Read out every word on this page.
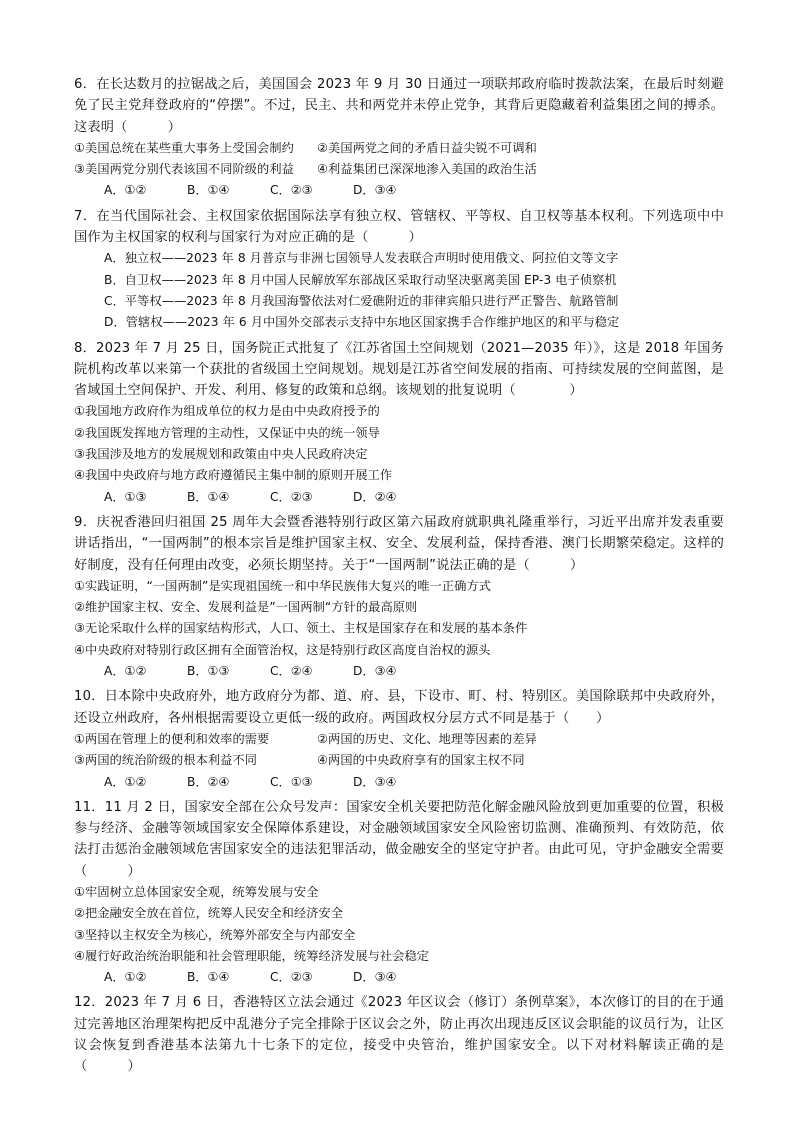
6．在长达数月的拉锯战之后，美国国会 2023 年 9 月 30 日通过一项联邦政府临时拨款法案，在最后时刻避免了民主党拜登政府的“停摆”。不过，民主、共和两党并未停止党争，其背后更隐藏着利益集团之间的搏杀。这表明（　　　）
①美国总统在某些重大事务上受国会制约	②美国两党之间的矛盾日益尖锐不可调和
③美国两党分别代表该国不同阶级的利益	④利益集团已深深地渗入美国的政治生活
A．①②	B．①④	C．②③	D．③④
7．在当代国际社会、主权国家依据国际法享有独立权、管辖权、平等权、自卫权等基本权利。下列选项中中国作为主权国家的权利与国家行为对应正确的是（　　　）
A．独立权——2023 年 8 月普京与非洲七国领导人发表联合声明时使用俄文、阿拉伯文等文字
B．自卫权——2023 年 8 月中国人民解放军东部战区采取行动坚决驱离美国 EP-3 电子侦察机
C．平等权——2023 年 8 月我国海警依法对仁爱礁附近的菲律宾船只进行严正警告、航路管制
D．管辖权——2023 年 6 月中国外交部表示支持中东地区国家携手合作维护地区的和平与稳定
8．2023 年 7 月 25 日，国务院正式批复了《江苏省国土空间规划（2021—2035 年）》，这是 2018 年国务院机构改革以来第一个获批的省级国土空间规划。规划是江苏省空间发展的指南、可持续发展的空间蓝图，是省域国土空间保护、开发、利用、修复的政策和总纲。该规划的批复说明（　　　　）
①我国地方政府作为组成单位的权力是由中央政府授予的
②我国既发挥地方管理的主动性，又保证中央的统一领导
③我国涉及地方的发展规划和政策由中央人民政府决定
④我国中央政府与地方政府遵循民主集中制的原则开展工作
A．①③	B．①④	C．②③	D．②④
9．庆祝香港回归祖国 25 周年大会暨香港特别行政区第六届政府就职典礼隆重举行，习近平出席并发表重要讲话指出，“一国两制”的根本宗旨是维护国家主权、安全、发展利益，保持香港、澳门长期繁荣稳定。这样的好制度，没有任何理由改变，必须长期坚持。关于“一国两制”说法正确的是（　　　）
①实践证明，“一国两制”是实现祖国统一和中华民族伟大复兴的唯一正确方式
②维护国家主权、安全、发展利益是”一国两制“方针的最高原则
③无论采取什么样的国家结构形式，人口、领土、主权是国家存在和发展的基本条件
④中央政府对特别行政区拥有全面管治权，这是特别行政区高度自治权的源头
A．①②	B．①③	C．②④	D．③④
10．日本除中央政府外，地方政府分为都、道、府、县，下设市、町、村、特别区。美国除联邦中央政府外，还设立州政府，各州根据需要设立更低一级的政府。两国政权分层方式不同是基于（　　）
①两国在管理上的便利和效率的需要	②两国的历史、文化、地理等因素的差异
③两国的统治阶级的根本利益不同	④两国的中央政府享有的国家主权不同
A．①②	B．②④	C．①③	D．③④
11．11 月 2 日，国家安全部在公众号发声：国家安全机关要把防范化解金融风险放到更加重要的位置，积极参与经济、金融等领域国家安全保障体系建设，对金融领域国家安全风险密切监测、准确预判、有效防范，依法打击惩治金融领域危害国家安全的违法犯罪活动，做金融安全的坚定守护者。由此可见，守护金融安全需要（　　　）
①牢固树立总体国家安全观，统筹发展与安全
②把金融安全放在首位，统筹人民安全和经济安全
③坚持以主权安全为核心，统筹外部安全与内部安全
④履行好政治统治职能和社会管理职能，统筹经济发展与社会稳定
A．①②	B．①④	C．②③	D．③④
12．2023 年 7 月 6 日，香港特区立法会通过《2023 年区议会（修订）条例草案》，本次修订的目的在于通过完善地区治理架构把反中乱港分子完全排除于区议会之外，防止再次出现违反区议会职能的议员行为，让区议会恢复到香港基本法第九十七条下的定位，接受中央管治，维护国家安全。以下对材料解读正确的是（　　　）
